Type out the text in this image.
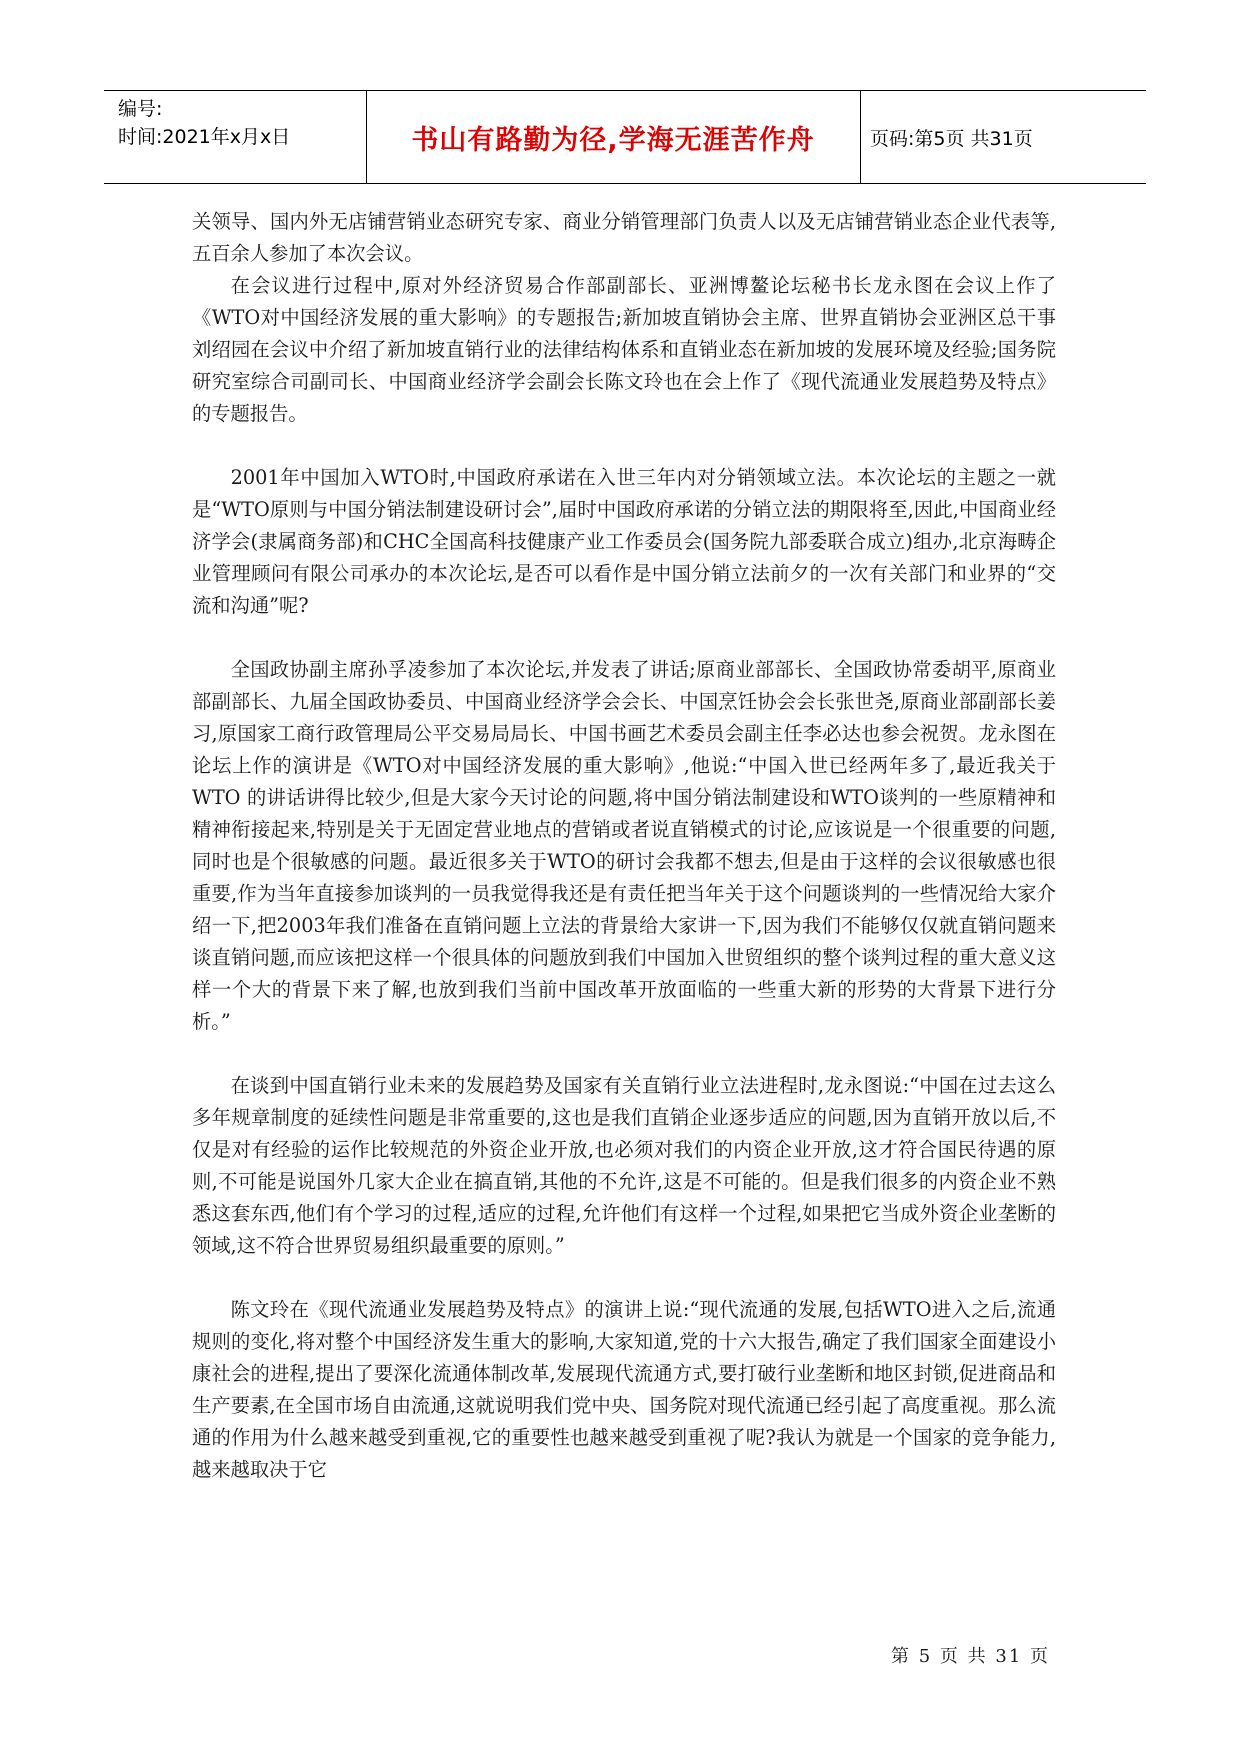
编号:
时间:2021年x月x日	书山有路勤为径,学海无涯苦作舟	页码:第5页 共31页

关领导、国内外无店铺营销业态研究专家、商业分销管理部门负责人以及无店铺营销业态企业代表等,五百余人参加了本次会议。

在会议进行过程中,原对外经济贸易合作部副部长、亚洲博鳌论坛秘书长龙永图在会议上作了《WTO对中国经济发展的重大影响》的专题报告;新加坡直销协会主席、世界直销协会亚洲区总干事刘绍园在会议中介绍了新加坡直销行业的法律结构体系和直销业态在新加坡的发展环境及经验;国务院研究室综合司副司长、中国商业经济学会副会长陈文玲也在会上作了《现代流通业发展趋势及特点》的专题报告。

2001年中国加入WTO时,中国政府承诺在入世三年内对分销领域立法。本次论坛的主题之一就是“WTO原则与中国分销法制建设研讨会”,届时中国政府承诺的分销立法的期限将至,因此,中国商业经济学会(隶属商务部)和CHC全国高科技健康产业工作委员会(国务院九部委联合成立)组办,北京海畴企业管理顾问有限公司承办的本次论坛,是否可以看作是中国分销立法前夕的一次有关部门和业界的“交流和沟通”呢?

全国政协副主席孙孚凌参加了本次论坛,并发表了讲话;原商业部部长、全国政协常委胡平,原商业部副部长、九届全国政协委员、中国商业经济学会会长、中国烹饪协会会长张世尧,原商业部副部长姜习,原国家工商行政管理局公平交易局局长、中国书画艺术委员会副主任李必达也参会祝贺。龙永图在论坛上作的演讲是《WTO对中国经济发展的重大影响》,他说:“中国入世已经两年多了,最近我关于WTO 的讲话讲得比较少,但是大家今天讨论的问题,将中国分销法制建设和WTO谈判的一些原精神和精神衔接起来,特别是关于无固定营业地点的营销或者说直销模式的讨论,应该说是一个很重要的问题,同时也是个很敏感的问题。最近很多关于WTO的研讨会我都不想去,但是由于这样的会议很敏感也很重要,作为当年直接参加谈判的一员我觉得我还是有责任把当年关于这个问题谈判的一些情况给大家介绍一下,把2003年我们准备在直销问题上立法的背景给大家讲一下,因为我们不能够仅仅就直销问题来谈直销问题,而应该把这样一个很具体的问题放到我们中国加入世贸组织的整个谈判过程的重大意义这样一个大的背景下来了解,也放到我们当前中国改革开放面临的一些重大新的形势的大背景下进行分析。”

在谈到中国直销行业未来的发展趋势及国家有关直销行业立法进程时,龙永图说:“中国在过去这么多年规章制度的延续性问题是非常重要的,这也是我们直销企业逐步适应的问题,因为直销开放以后,不仅是对有经验的运作比较规范的外资企业开放,也必须对我们的内资企业开放,这才符合国民待遇的原则,不可能是说国外几家大企业在搞直销,其他的不允许,这是不可能的。但是我们很多的内资企业不熟悉这套东西,他们有个学习的过程,适应的过程,允许他们有这样一个过程,如果把它当成外资企业垄断的领域,这不符合世界贸易组织最重要的原则。”

陈文玲在《现代流通业发展趋势及特点》的演讲上说:“现代流通的发展,包括WTO进入之后,流通规则的变化,将对整个中国经济发生重大的影响,大家知道,党的十六大报告,确定了我们国家全面建设小康社会的进程,提出了要深化流通体制改革,发展现代流通方式,要打破行业垄断和地区封锁,促进商品和生产要素,在全国市场自由流通,这就说明我们党中央、国务院对现代流通已经引起了高度重视。那么流通的作用为什么越来越受到重视,它的重要性也越来越受到重视了呢?我认为就是一个国家的竞争能力,越来越取决于它

第 5 页 共 31 页
